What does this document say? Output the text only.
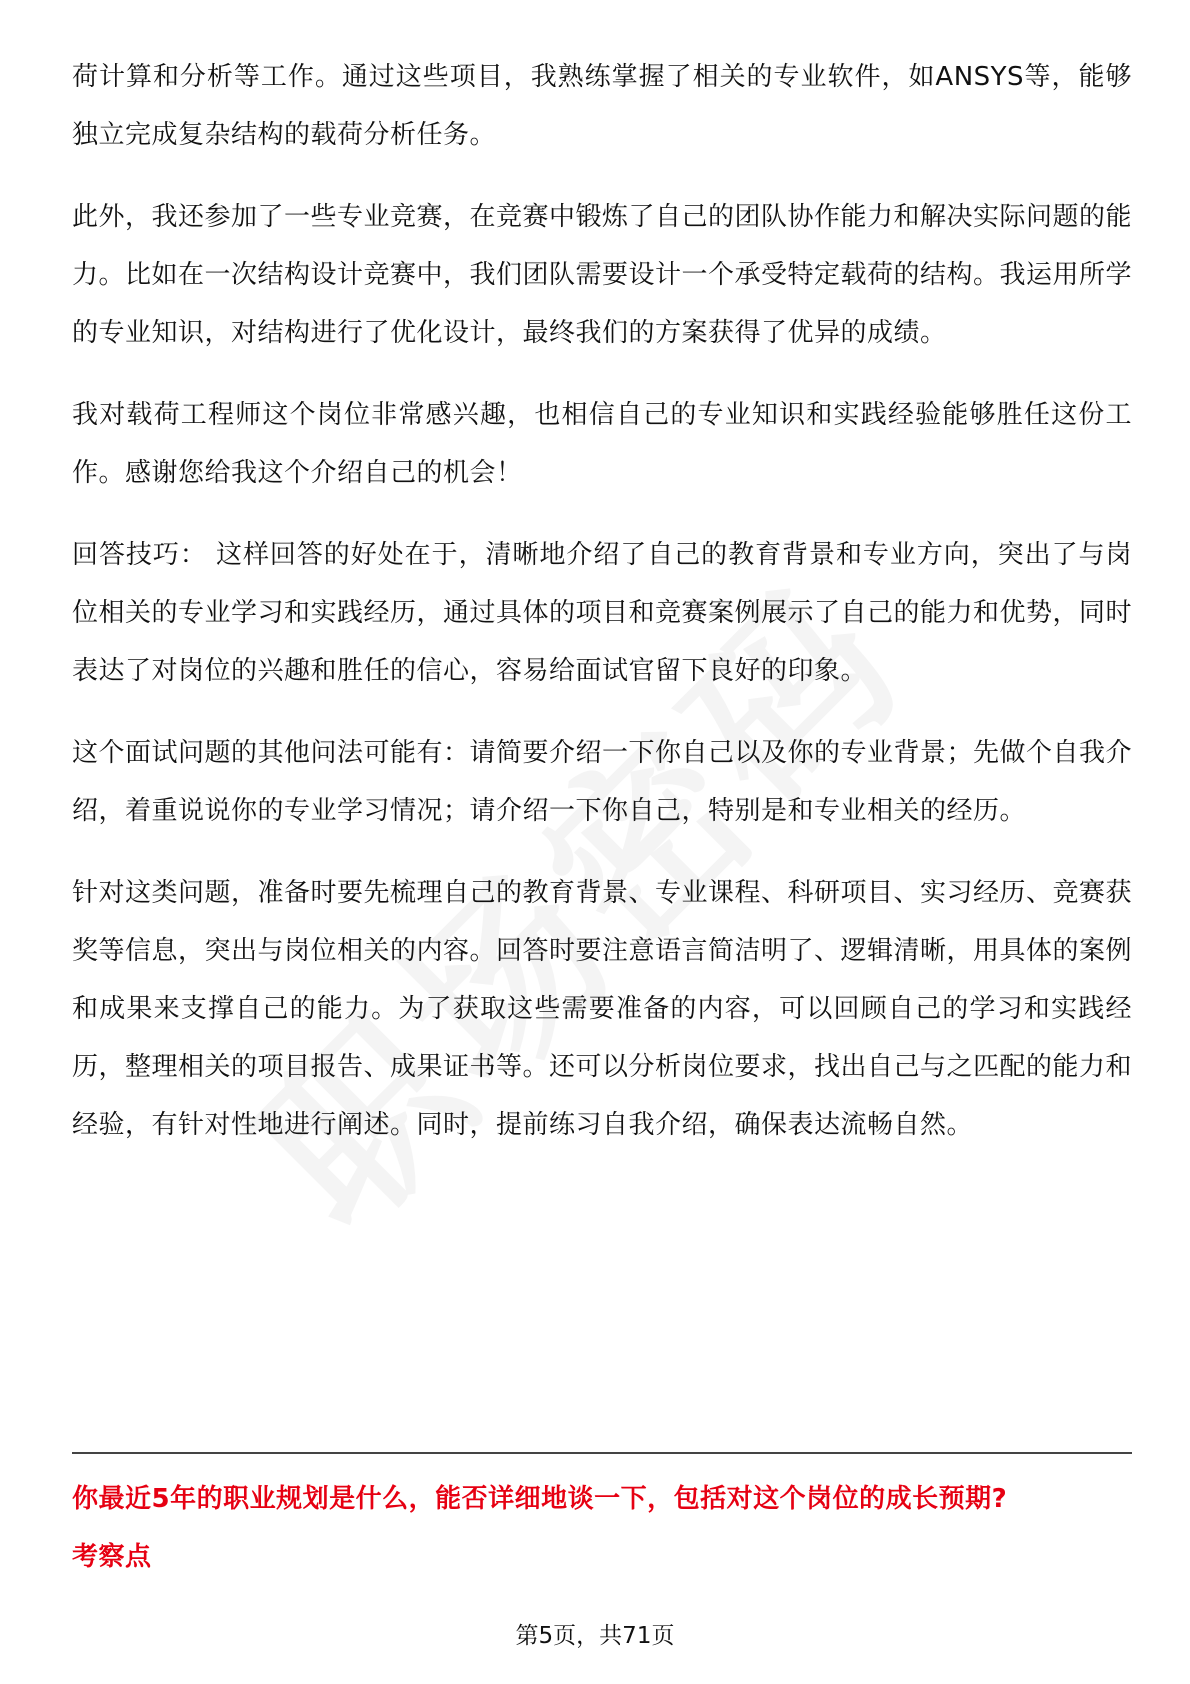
荷计算和分析等工作。通过这些项目，我熟练掌握了相关的专业软件，如ANSYS等，能够独立完成复杂结构的载荷分析任务。

此外，我还参加了一些专业竞赛，在竞赛中锻炼了自己的团队协作能力和解决实际问题的能力。比如在一次结构设计竞赛中，我们团队需要设计一个承受特定载荷的结构。我运用所学的专业知识，对结构进行了优化设计，最终我们的方案获得了优异的成绩。

我对载荷工程师这个岗位非常感兴趣，也相信自己的专业知识和实践经验能够胜任这份工作。感谢您给我这个介绍自己的机会！

回答技巧： 这样回答的好处在于，清晰地介绍了自己的教育背景和专业方向，突出了与岗位相关的专业学习和实践经历，通过具体的项目和竞赛案例展示了自己的能力和优势，同时表达了对岗位的兴趣和胜任的信心，容易给面试官留下良好的印象。

这个面试问题的其他问法可能有：请简要介绍一下你自己以及你的专业背景；先做个自我介绍，着重说说你的专业学习情况；请介绍一下你自己，特别是和专业相关的经历。

针对这类问题，准备时要先梳理自己的教育背景、专业课程、科研项目、实习经历、竞赛获奖等信息，突出与岗位相关的内容。回答时要注意语言简洁明了、逻辑清晰，用具体的案例和成果来支撑自己的能力。为了获取这些需要准备的内容，可以回顾自己的学习和实践经历，整理相关的项目报告、成果证书等。还可以分析岗位要求，找出自己与之匹配的能力和经验，有针对性地进行阐述。同时，提前练习自我介绍，确保表达流畅自然。

你最近5年的职业规划是什么，能否详细地谈一下，包括对这个岗位的成长预期?
考察点
第5页，共71页
